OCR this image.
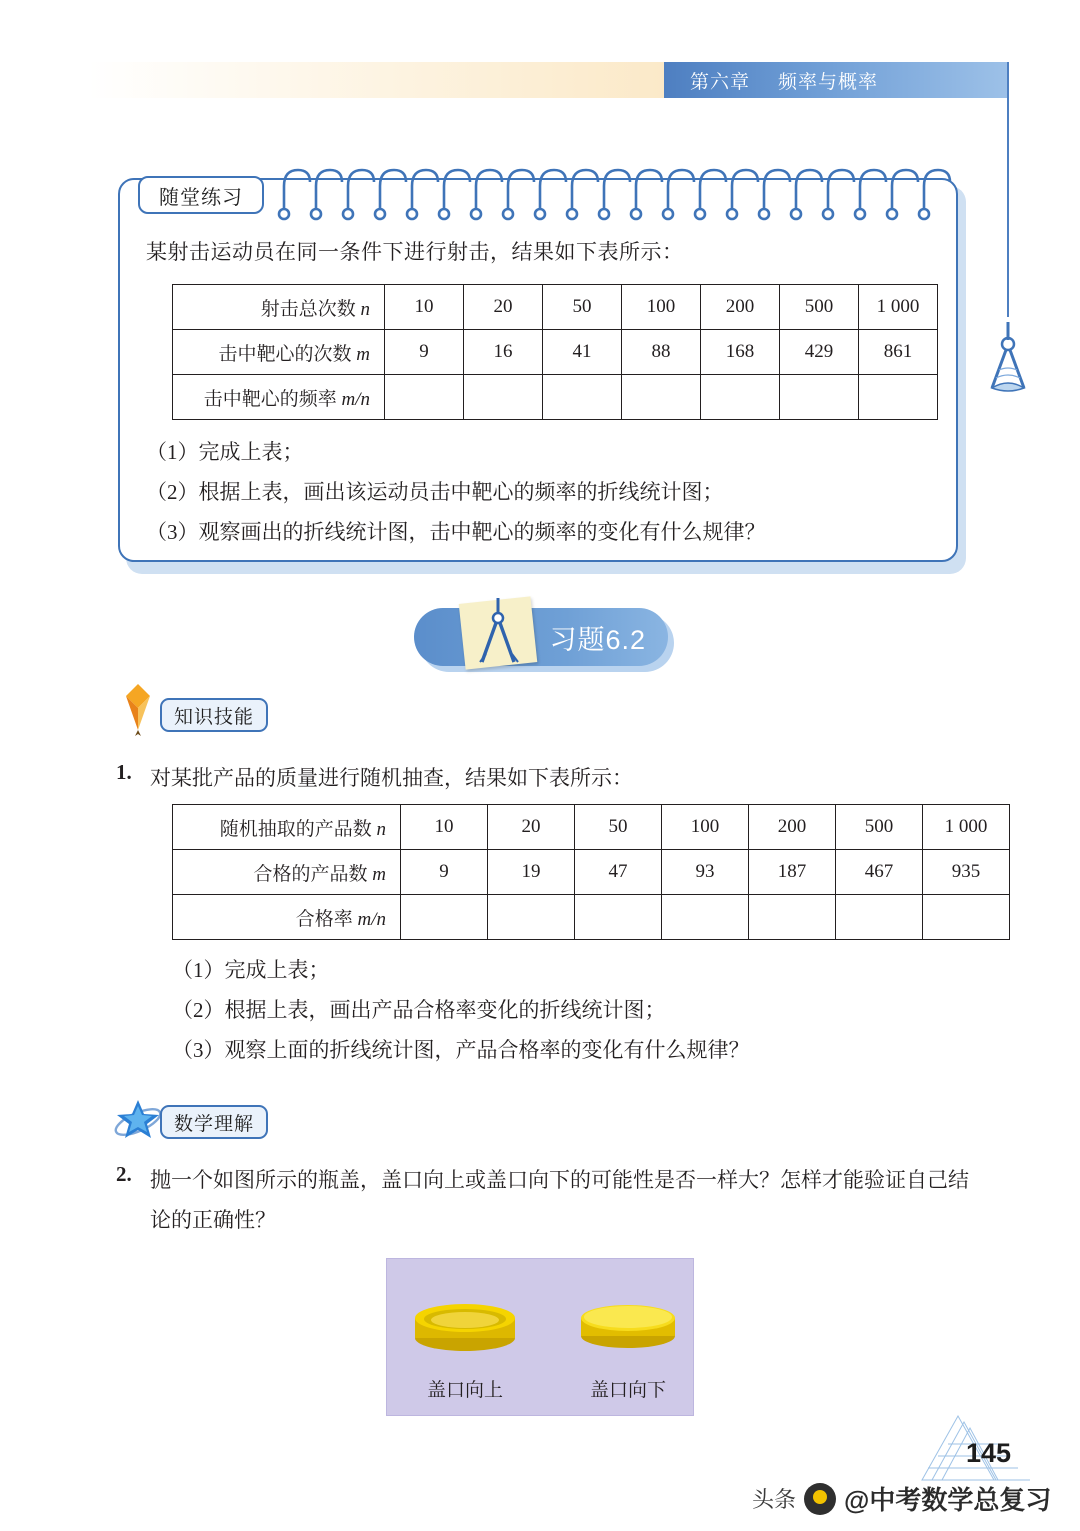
第六章 频率与概率
随堂练习
某射击运动员在同一条件下进行射击，结果如下表所示：
射击总次数 n	10	20	50	100	200	500	1 000
击中靶心的次数 m	9	16	41	88	168	429	861
击中靶心的频率 m/n							
（1）完成上表；
（2）根据上表，画出该运动员击中靶心的频率的折线统计图；
（3）观察画出的折线统计图，击中靶心的频率的变化有什么规律？
习题6.2
知识技能
1. 对某批产品的质量进行随机抽查，结果如下表所示：
随机抽取的产品数 n	10	20	50	100	200	500	1 000
合格的产品数 m	9	19	47	93	187	467	935
合格率 m/n							
（1）完成上表；
（2）根据上表，画出产品合格率变化的折线统计图；
（3）观察上面的折线统计图，产品合格率的变化有什么规律？
数学理解
2. 抛一个如图所示的瓶盖，盖口向上或盖口向下的可能性是否一样大？怎样才能验证自己结论的正确性？
盖口向上	盖口向下
145
头条 @中考数学总复习
